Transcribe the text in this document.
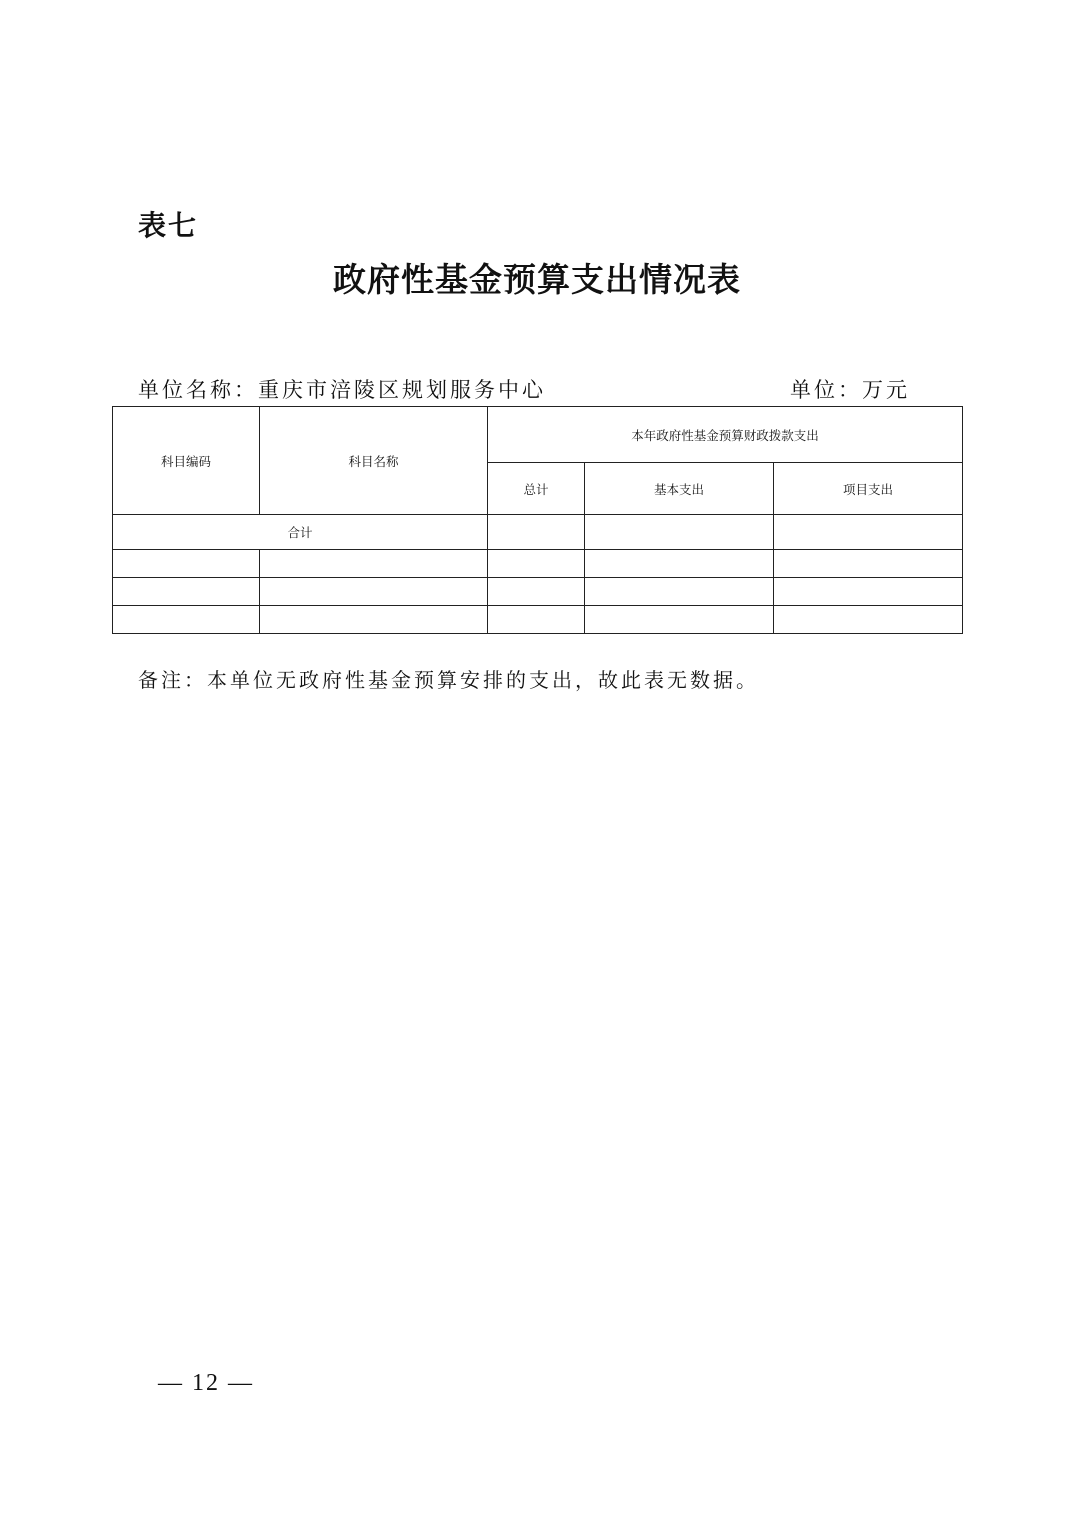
表七
政府性基金预算支出情况表
单位名称：重庆市涪陵区规划服务中心	单位：万元
科目编码	科目名称	本年政府性基金预算财政拨款支出		
		总计	基本支出	项目支出
合计				

备注：本单位无政府性基金预算安排的支出，故此表无数据。
— 12 —
